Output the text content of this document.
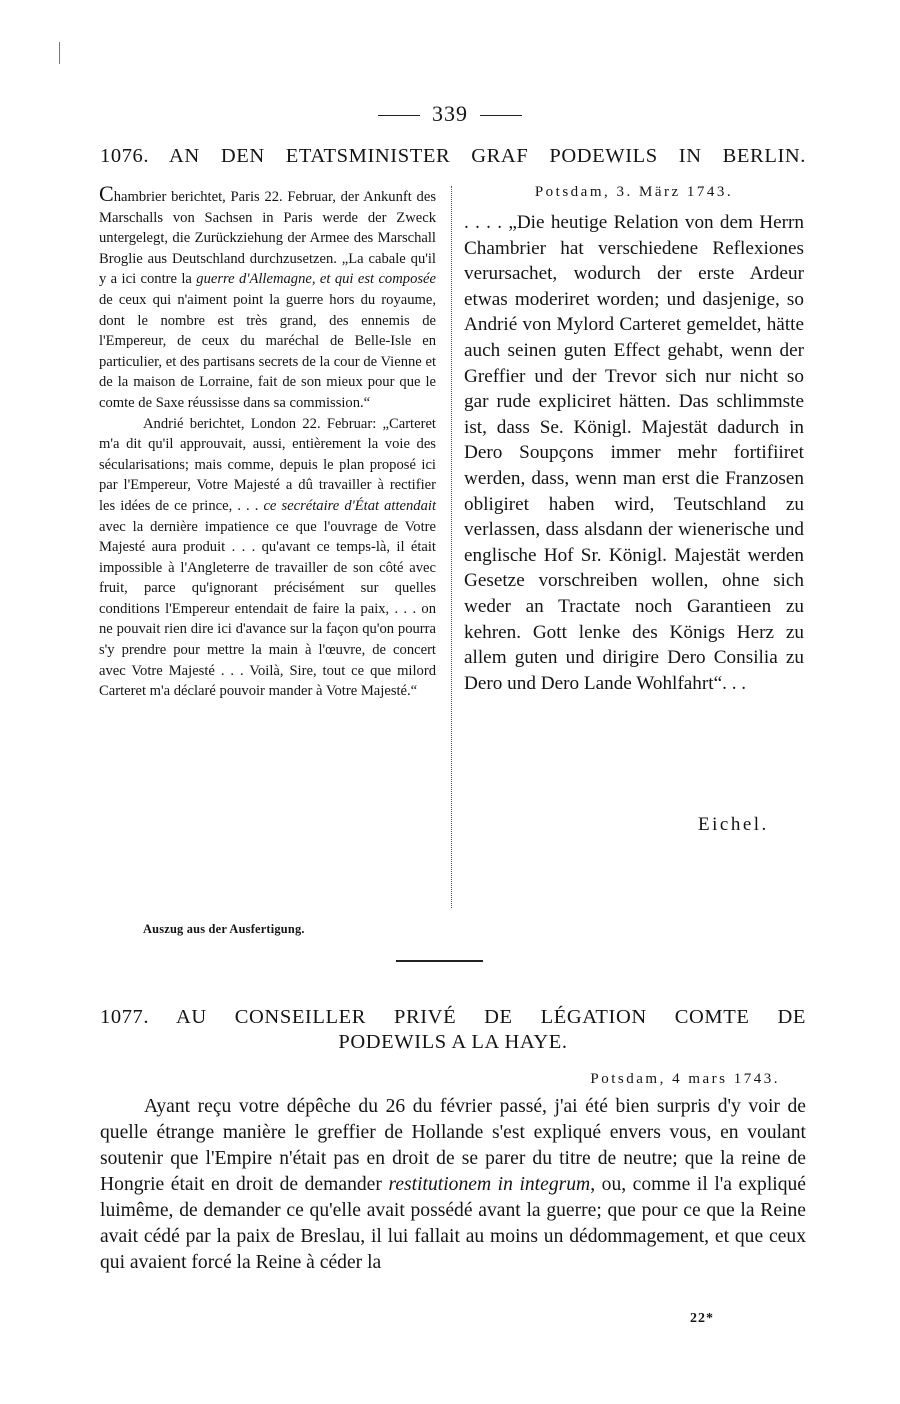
339
1076. AN DEN ETATSMINISTER GRAF PODEWILS IN BERLIN.

Chambrier berichtet, Paris 22. Februar, der Ankunft des Marschalls von Sachsen in Paris werde der Zweck untergelegt, die Zurückziehung der Armee des Marschall Broglie aus Deutschland durchzusetzen. „La cabale qu'il y a ici contre la guerre d'Allemagne, et qui est composée de ceux qui n'aiment point la guerre hors du royaume, dont le nombre est très grand, des ennemis de l'Empereur, de ceux du maréchal de Belle-Isle en particulier, et des partisans secrets de la cour de Vienne et de la maison de Lorraine, fait de son mieux pour que le comte de Saxe réussisse dans sa commission.“

Andrié berichtet, London 22. Februar: „Carteret m'a dit qu'il approuvait, aussi, entièrement la voie des sécularisations; mais comme, depuis le plan proposé ici par l'Empereur, Votre Majesté a dû travailler à rectifier les idées de ce prince, . . . ce secrétaire d'État attendait avec la dernière impatience ce que l'ouvrage de Votre Majesté aura produit . . . qu'avant ce temps-là, il était impossible à l'Angleterre de travailler de son côté avec fruit, parce qu'ignorant précisément sur quelles conditions l'Empereur entendait de faire la paix, . . . on ne pouvait rien dire ici d'avance sur la façon qu'on pourra s'y prendre pour mettre la main à l'œuvre, de concert avec Votre Majesté . . . Voilà, Sire, tout ce que milord Carteret m'a déclaré pouvoir mander à Votre Majesté.“

Potsdam, 3. März 1743.

. . . . „Die heutige Relation von dem Herrn Chambrier hat verschiedene Reflexiones verursachet, wodurch der erste Ardeur etwas moderiret worden; und dasjenige, so Andrié von Mylord Carteret gemeldet, hätte auch seinen guten Effect gehabt, wenn der Greffier und der Trevor sich nur nicht so gar rude expliciret hätten. Das schlimmste ist, dass Se. Königl. Majestät dadurch in Dero Soupçons immer mehr fortifiiret werden, dass, wenn man erst die Franzosen obligiret haben wird, Teutschland zu verlassen, dass alsdann der wienerische und englische Hof Sr. Königl. Majestät werden Gesetze vorschreiben wollen, ohne sich weder an Tractate noch Garantieen zu kehren. Gott lenke des Königs Herz zu allem guten und dirigire Dero Consilia zu Dero und Dero Lande Wohlfahrt“. . .

Eichel.
Auszug aus der Ausfertigung.
1077. AU CONSEILLER PRIVÉ DE LÉGATION COMTE DE
PODEWILS A LA HAYE.
Potsdam, 4 mars 1743.

Ayant reçu votre dépêche du 26 du février passé, j'ai été bien surpris d'y voir de quelle étrange manière le greffier de Hollande s'est expliqué envers vous, en voulant soutenir que l'Empire n'était pas en droit de se parer du titre de neutre; que la reine de Hongrie était en droit de demander restitutionem in integrum, ou, comme il l'a expliqué luimême, de demander ce qu'elle avait possédé avant la guerre; que pour ce que la Reine avait cédé par la paix de Breslau, il lui fallait au moins un dédommagement, et que ceux qui avaient forcé la Reine à céder la

22*
